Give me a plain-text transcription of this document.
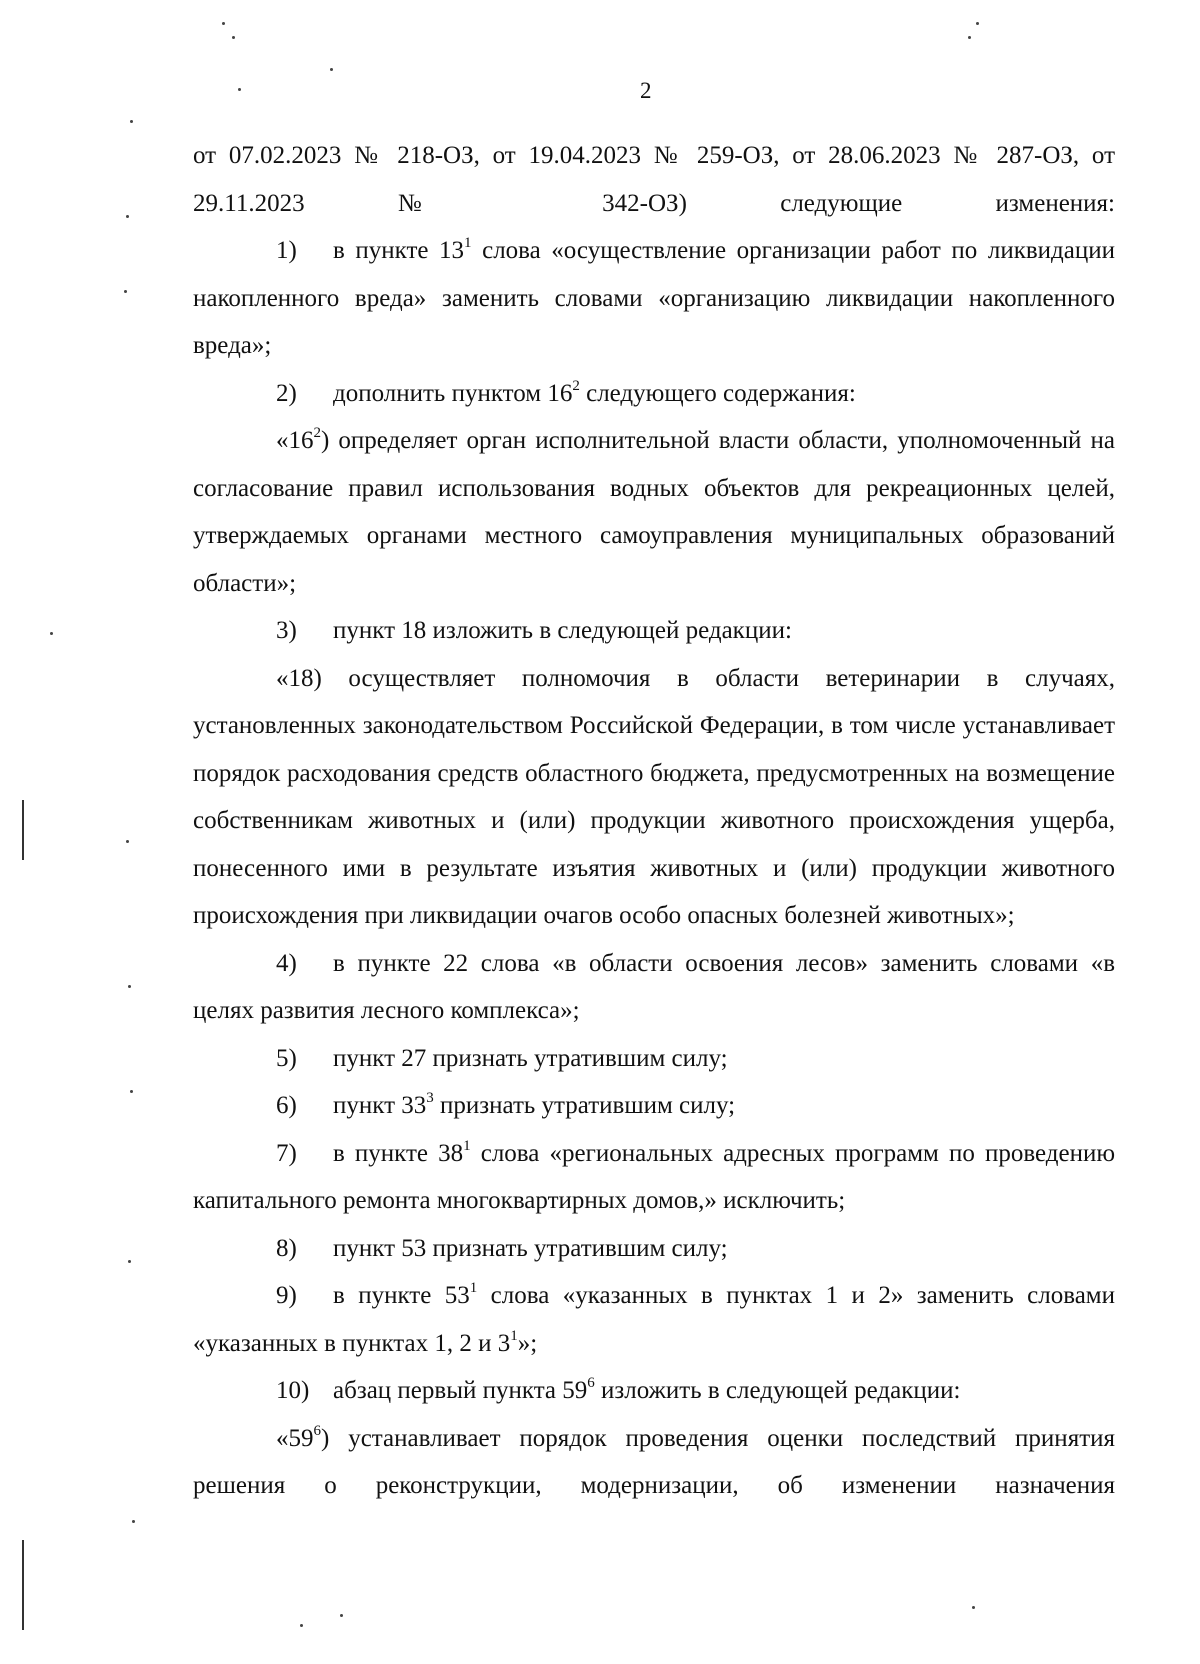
2

от 07.02.2023 № 218-ОЗ, от 19.04.2023 № 259-ОЗ, от 28.06.2023 № 287-ОЗ, от 29.11.2023 № 342-ОЗ) следующие изменения:

1) в пункте $13^1$ слова «осуществление организации работ по ликвидации накопленного вреда» заменить словами «организацию ликвидации накопленного вреда»;

2) дополнить пунктом $16^2$ следующего содержания:

«$16^2$) определяет орган исполнительной власти области, уполномоченный на согласование правил использования водных объектов для рекреационных целей, утверждаемых органами местного самоуправления муниципальных образований области»;

3) пункт 18 изложить в следующей редакции:

«18) осуществляет полномочия в области ветеринарии в случаях, установленных законодательством Российской Федерации, в том числе устанавливает порядок расходования средств областного бюджета, предусмотренных на возмещение собственникам животных и (или) продукции животного происхождения ущерба, понесенного ими в результате изъятия животных и (или) продукции животного происхождения при ликвидации очагов особо опасных болезней животных»;

4) в пункте 22 слова «в области освоения лесов» заменить словами «в целях развития лесного комплекса»;

5) пункт 27 признать утратившим силу;

6) пункт $33^3$ признать утратившим силу;

7) в пункте $38^1$ слова «региональных адресных программ по проведению капитального ремонта многоквартирных домов,» исключить;

8) пункт 53 признать утратившим силу;

9) в пункте $53^1$ слова «указанных в пунктах 1 и 2» заменить словами «указанных в пунктах 1, 2 и $3^1$»;

10) абзац первый пункта $59^6$ изложить в следующей редакции:

«$59^6$) устанавливает порядок проведения оценки последствий принятия решения о реконструкции, модернизации, об изменении назначения
